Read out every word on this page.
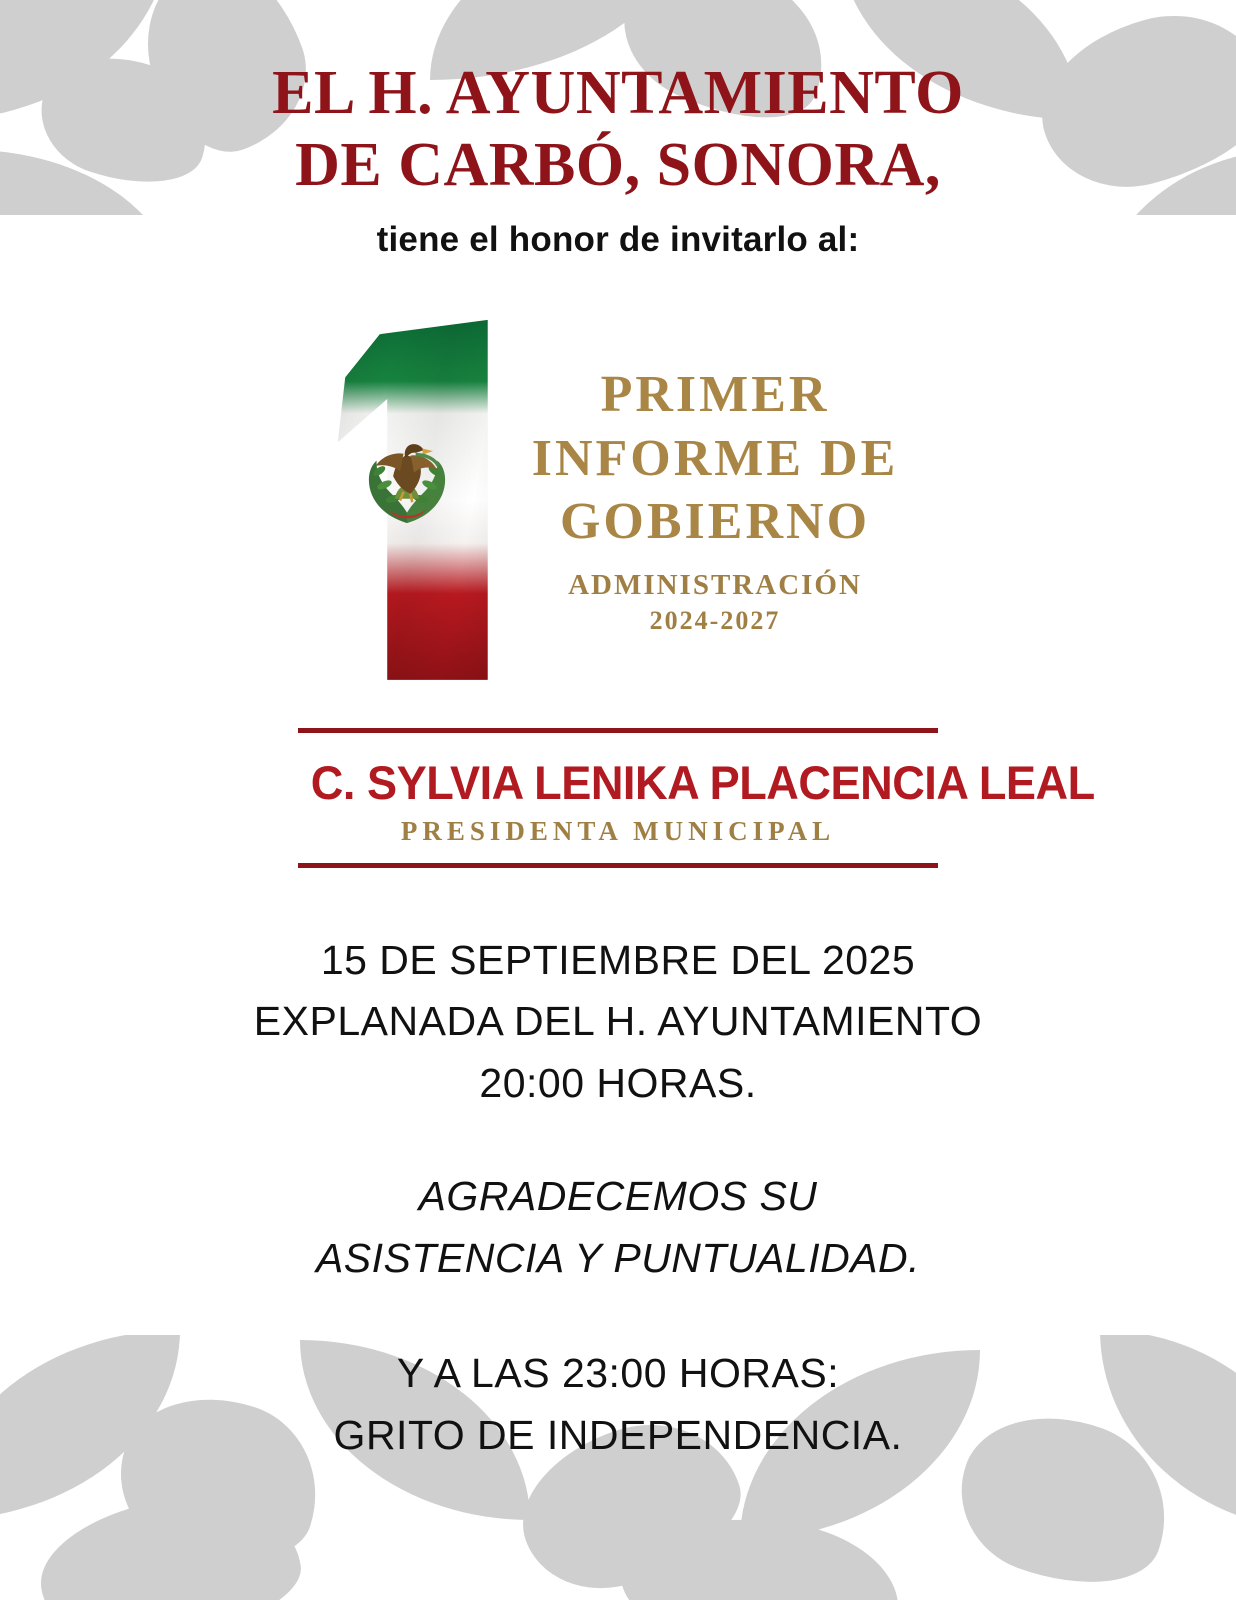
EL H. AYUNTAMIENTO
DE CARBÓ, SONORA,
tiene el honor de invitarlo al:
PRIMER
INFORME DE
GOBIERNO
ADMINISTRACIÓN
2024-2027
C. SYLVIA LENIKA PLACENCIA LEAL
PRESIDENTA MUNICIPAL
15 DE SEPTIEMBRE DEL 2025
EXPLANADA DEL H. AYUNTAMIENTO
20:00 HORAS.
AGRADECEMOS SU
ASISTENCIA Y PUNTUALIDAD.
Y A LAS 23:00 HORAS:
GRITO DE INDEPENDENCIA.
